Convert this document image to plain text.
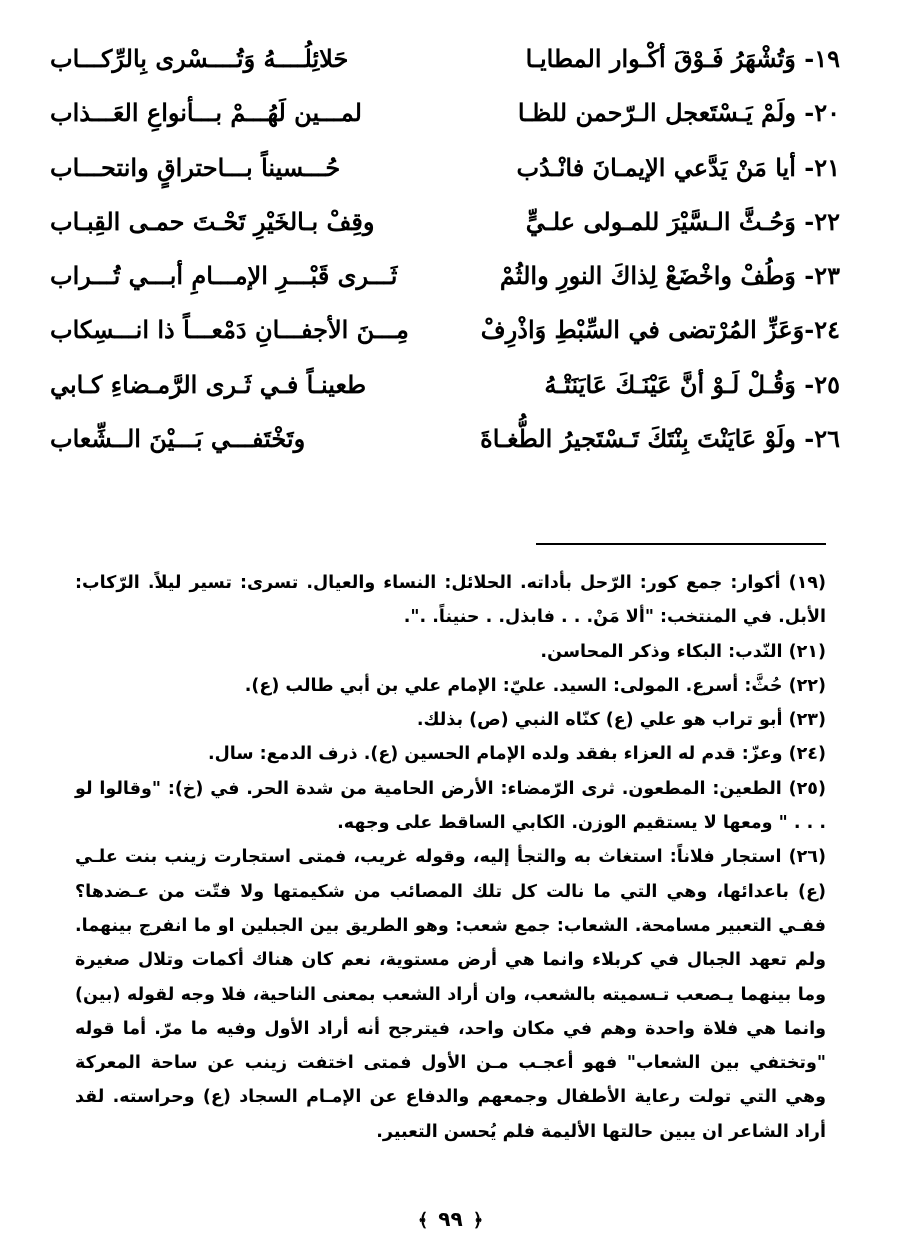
١٩- وَتُشْهَرُ فَـوْقَ أكْـوار المطايـا
حَلائِلُــــهُ وَتُــــسْرى بِالرِّكـــاب
٢٠- ولَمْ يَـسْتَعجل الـرّحمن للظـا
لمـــين لَهُـــمْ بـــأنواعِ العَـــذاب
٢١- أيا مَنْ يَدَّعي الإيمـانَ فانْـدُب
حُـــسيناً بـــاحتراقٍ وانتحـــاب
٢٢- وَحُـثَّ الـسَّيْرَ للمـولى علـيٍّ
وقِفْ بـالخَيْرِ تَحْـتَ حمـى القِبـاب
٢٣- وَطُفْ واخْضَعْ لِذاكَ النورِ والثُمْ
ثَـــرى قَبْـــرِ الإمـــامِ أبـــي تُـــراب
٢٤-وَعَزِّ المُرْتضى في السِّبْطِ وَاذْرِفْ
مِـــنَ الأجفـــانِ دَمْعـــاً ذا انـــسِكاب
٢٥- وَقُـلْ لَـوْ أنَّ عَيْنَـكَ عَايَنَتْـهُ
طعينـاً فـي ثَـرى الرَّمـضاءِ كـابي
٢٦- ولَوْ عَايَنْتَ بِنْتَكَ تَـسْتَجيرُ الطُّغـاةَ
وتَخْتَفـــي بَـــيْنَ الــشِّعاب

(١٩) أكوار: جمع كور: الرّحل بأداته. الحلائل: النساء والعيال. تسرى: تسير ليلاً. الرّكاب: الأبل. في المنتخب: "ألا مَنْ. . . فابذل. . حنيناً. .".

(٢١) النّدب: البكاء وذكر المحاسن.

(٢٢) حُثَّ: أسرع. المولى: السيد. عليّ: الإمام علي بن أبي طالب (ع).

(٢٣) أبو تراب هو علي (ع) كنّاه النبي (ص) بذلك.

(٢٤) وعزّ: قدم له العزاء بفقد ولده الإمام الحسين (ع). ذرف الدمع: سال.

(٢٥) الطعين: المطعون. ثرى الرّمضاء: الأرض الحامية من شدة الحر. في (خ): "وقالوا لو . . . " ومعها لا يستقيم الوزن. الكابي الساقط على وجهه.

(٢٦) استجار فلاناً: استغاث به والتجأ إليه، وقوله غريب، فمتى استجارت زينب بنت علـي (ع) باعدائها، وهي التي ما نالت كل تلك المصائب من شكيمتها ولا فتّت من عـضدها؟ ففـي التعبير مسامحة. الشعاب: جمع شعب: وهو الطريق بين الجبلين او ما انفرج بينهما. ولم تعهد الجبال في كربلاء وانما هي أرض مستوية، نعم كان هناك أكمات وتلال صغيرة وما بينهما يـصعب تـسميته بالشعب، وان أراد الشعب بمعنى الناحية، فلا وجه لقوله (بين) وانما هي فلاة واحدة وهم في مكان واحد، فيترجح أنه أراد الأول وفيه ما مرّ. أما قوله "وتختفي بين الشعاب" فهو أعجـب مـن الأول فمتى اختفت زينب عن ساحة المعركة وهي التي تولت رعاية الأطفال وجمعهم والدفاع عن الإمـام السجاد (ع) وحراسته. لقد أراد الشاعر ان يبين حالتها الأليمة فلم يُحسن التعبير.

﴿٩٩﴾
